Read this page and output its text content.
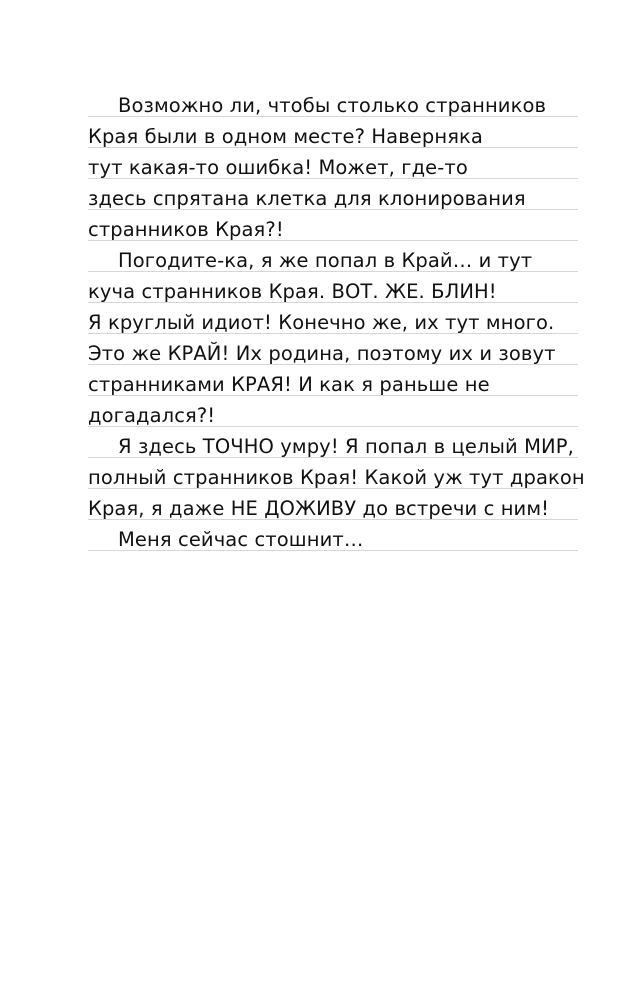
Возможно ли, чтобы столько странников
Края были в одном месте? Наверняка
тут какая-то ошибка! Может, где-то
здесь спрятана клетка для клонирования
странников Края?!
Погодите-ка, я же попал в Край… и тут
куча странников Края. ВОТ. ЖЕ. БЛИН!
Я круглый идиот! Конечно же, их тут много.
Это же КРАЙ! Их родина, поэтому их и зовут
странниками КРАЯ! И как я раньше не
догадался?!
Я здесь ТОЧНО умру! Я попал в целый МИР,
полный странников Края! Какой уж тут дракон
Края, я даже НЕ ДОЖИВУ до встречи с ним!
Меня сейчас стошнит…
